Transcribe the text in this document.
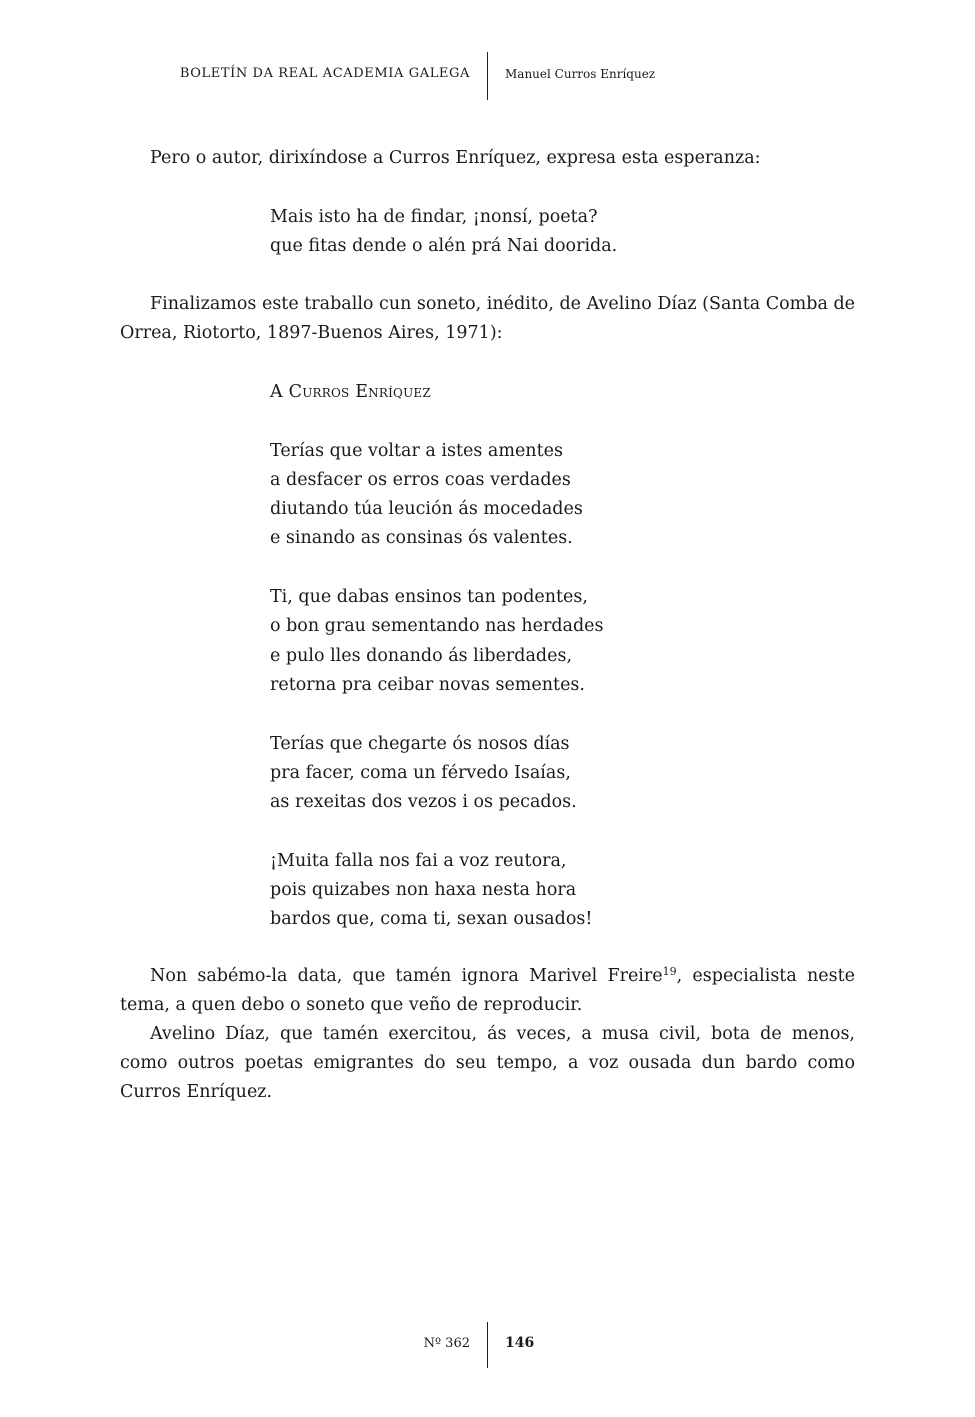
BOLETÍN DA REAL ACADEMIA GALEGA	Manuel Curros Enríquez

Pero o autor, dirixíndose a Curros Enríquez, expresa esta esperanza:

Mais isto ha de findar, ¡nonsí, poeta?
que fitas dende o alén prá Nai doorida.

Finalizamos este traballo cun soneto, inédito, de Avelino Díaz (Santa Comba de Orrea, Riotorto, 1897-Buenos Aires, 1971):

A Curros Enríquez
Terías que voltar a istes amentes
a desfacer os erros coas verdades
diutando túa leución ás mocedades
e sinando as consinas ós valentes.
Ti, que dabas ensinos tan podentes,
o bon grau sementando nas herdades
e pulo lles donando ás liberdades,
retorna pra ceibar novas sementes.
Terías que chegarte ós nosos días
pra facer, coma un férvedo Isaías,
as rexeitas dos vezos i os pecados.
¡Muita falla nos fai a voz reutora,
pois quizabes non haxa nesta hora
bardos que, coma ti, sexan ousados!

Non sabémo-la data, que tamén ignora Marivel Freire$^{19}$, especialista neste tema, a quen debo o soneto que veño de reproducir.

Avelino Díaz, que tamén exercitou, ás veces, a musa civil, bota de menos, como outros poetas emigrantes do seu tempo, a voz ousada dun bardo como Curros Enríquez.

Nº 362	146
